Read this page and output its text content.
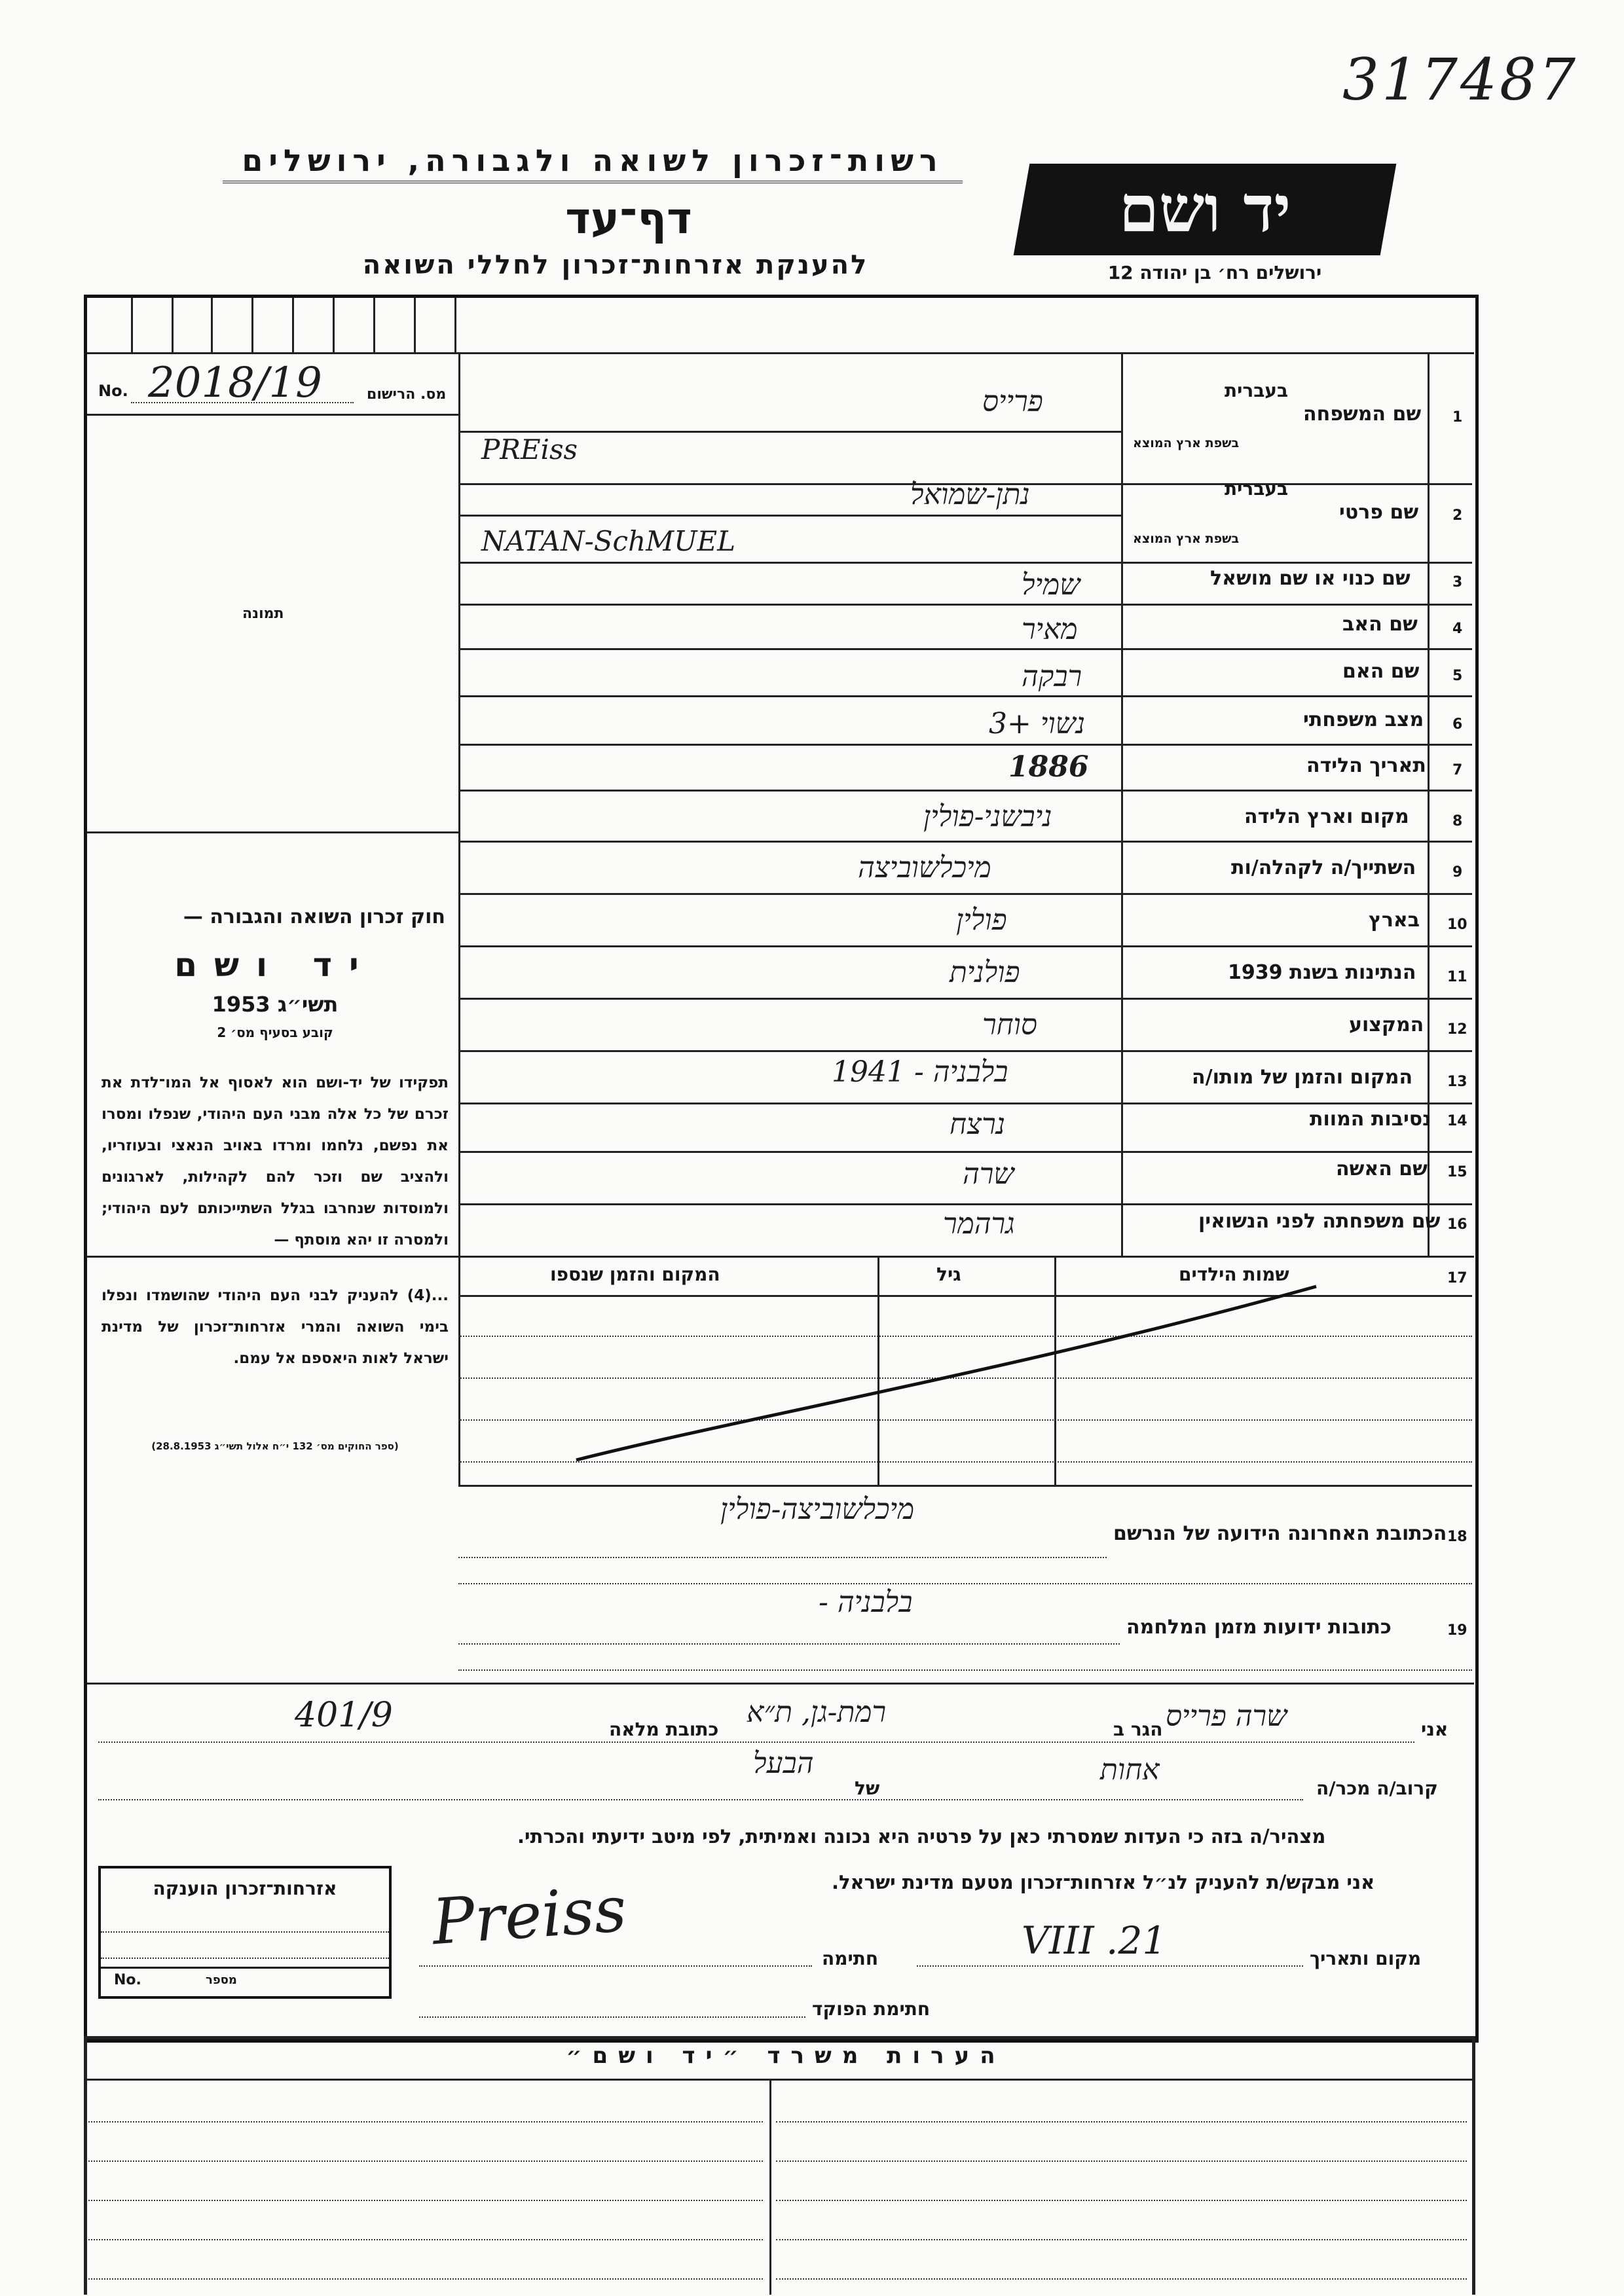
317487
רשות־זכרון לשואה ולגבורה, ירושלים
דף־עד
להענקת אזרחות־זכרון לחללי השואה
יד ושם
ירושלים רח׳ בן יהודה 12
No. 2018/19	מס. הרישום
תמונה
חוק זכרון השואה והגבורה —
יד ושם
תשי״ג 1953
קובע בסעיף מס׳ 2
תפקידו של יד-ושם הוא לאסוף אל המו־לדת את זכרם של כל אלה מבני העם היהודי, שנפלו ומסרו את נפשם, נלחמו ומרדו באויב הנאצי ובעוזריו, ולהציב שם וזכר להם לקהילות, לארגונים ולמוסדות שנחרבו בגלל השתייכותם לעם היהודי; ולמסרה זו יהא מוסתף —
...(4) להעניק לבני העם היהודי שהושמדו ונפלו בימי השואה והמרי אזרחות־זכרון של מדינת ישראל לאות היאספם אל עמם.
(ספר החוקים מס׳ 132 י״ח אלול תשי״ג 28.8.1953)
1
שם המשפחה
בעברית
בשפת ארץ המוצא
פרייס
PREiss
2
שם פרטי
בעברית
בשפת ארץ המוצא
נתן-שמואל
NATAN-SchMUEL
3
שם כנוי או שם מושאל
שמיל
4
שם האב
מאיר
5
שם האם
רבקה
6
מצב משפחתי
נשוי +3
7
תאריך הלידה
1886
8
מקום וארץ הלידה
ניבשני-פולין
9
השתייך/ה לקהלה/ות
מיכלשוביצה
10
בארץ
פולין
11
הנתינות בשנת 1939
פולנית
12
המקצוע
סוחר
13
המקום והזמן של מותו/ה
בלבניה - 1941
14
נסיבות המוות
נרצח
15
שם האשה
שרה
16
שם משפחתה לפני הנשואין
גרהמר
17
שמות הילדים
גיל
המקום והזמן שנספו
18
הכתובת האחרונה הידועה של הנרשם
מיכלשוביצה-פולין
19
כתובות ידועות מזמן המלחמה
בלבניה -
אני
שרה פרייס
הגר ב
רמת-גן, ת״א
כתובת מלאה
401/9
קרוב/ה מכר/ה
אחות
של
הבעל
מצהיר/ה בזה כי העדות שמסרתי כאן על פרטיה היא נכונה ואמיתית, לפי מיטב ידיעתי והכרתי.
אני מבקש/ת להעניק לנ״ל אזרחות־זכרון מטעם מדינת ישראל.
אזרחות־זכרון הוענקה
No.	מספר
מקום ותאריך
21. VIII
חתימה
Preiss
חתימת הפוקד
הערות משרד ״יד ושם״
